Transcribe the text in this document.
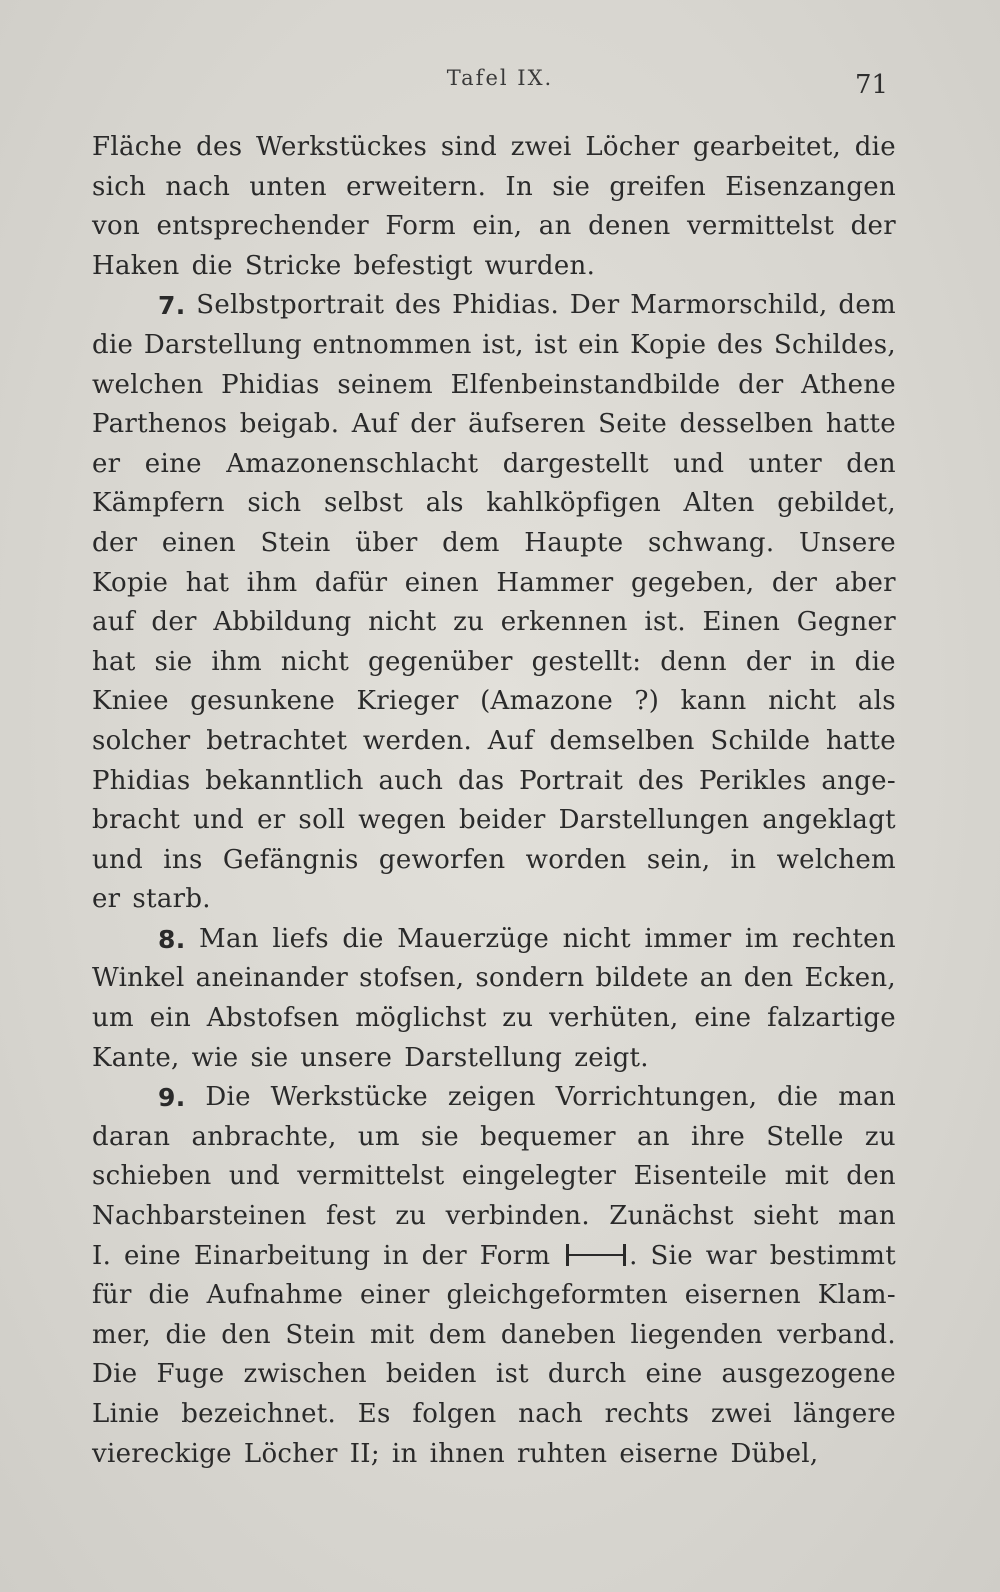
Tafel IX.	71
Fläche des Werkstückes sind zwei Löcher gearbeitet, die
sich nach unten erweitern. In sie greifen Eisenzangen
von entsprechender Form ein, an denen vermittelst der
Haken die Stricke befestigt wurden.
7. Selbstportrait des Phidias. Der Marmorschild, dem
die Darstellung entnommen ist, ist ein Kopie des Schildes,
welchen Phidias seinem Elfenbeinstandbilde der Athene
Parthenos beigab. Auf der äufseren Seite desselben hatte
er eine Amazonenschlacht dargestellt und unter den
Kämpfern sich selbst als kahlköpfigen Alten gebildet,
der einen Stein über dem Haupte schwang. Unsere
Kopie hat ihm dafür einen Hammer gegeben, der aber
auf der Abbildung nicht zu erkennen ist. Einen Gegner
hat sie ihm nicht gegenüber gestellt: denn der in die
Kniee gesunkene Krieger (Amazone ?) kann nicht als
solcher betrachtet werden. Auf demselben Schilde hatte
Phidias bekanntlich auch das Portrait des Perikles ange-
bracht und er soll wegen beider Darstellungen angeklagt
und ins Gefängnis geworfen worden sein, in welchem
er starb.
8. Man liefs die Mauerzüge nicht immer im rechten
Winkel aneinander stofsen, sondern bildete an den Ecken,
um ein Abstofsen möglichst zu verhüten, eine falzartige
Kante, wie sie unsere Darstellung zeigt.
9. Die Werkstücke zeigen Vorrichtungen, die man
daran anbrachte, um sie bequemer an ihre Stelle zu
schieben und vermittelst eingelegter Eisenteile mit den
Nachbarsteinen fest zu verbinden. Zunächst sieht man
I. eine Einarbeitung in der Form	. Sie war bestimmt
für die Aufnahme einer gleichgeformten eisernen Klam-
mer, die den Stein mit dem daneben liegenden verband.
Die Fuge zwischen beiden ist durch eine ausgezogene
Linie bezeichnet. Es folgen nach rechts zwei längere
viereckige Löcher II; in ihnen ruhten eiserne Dübel,
